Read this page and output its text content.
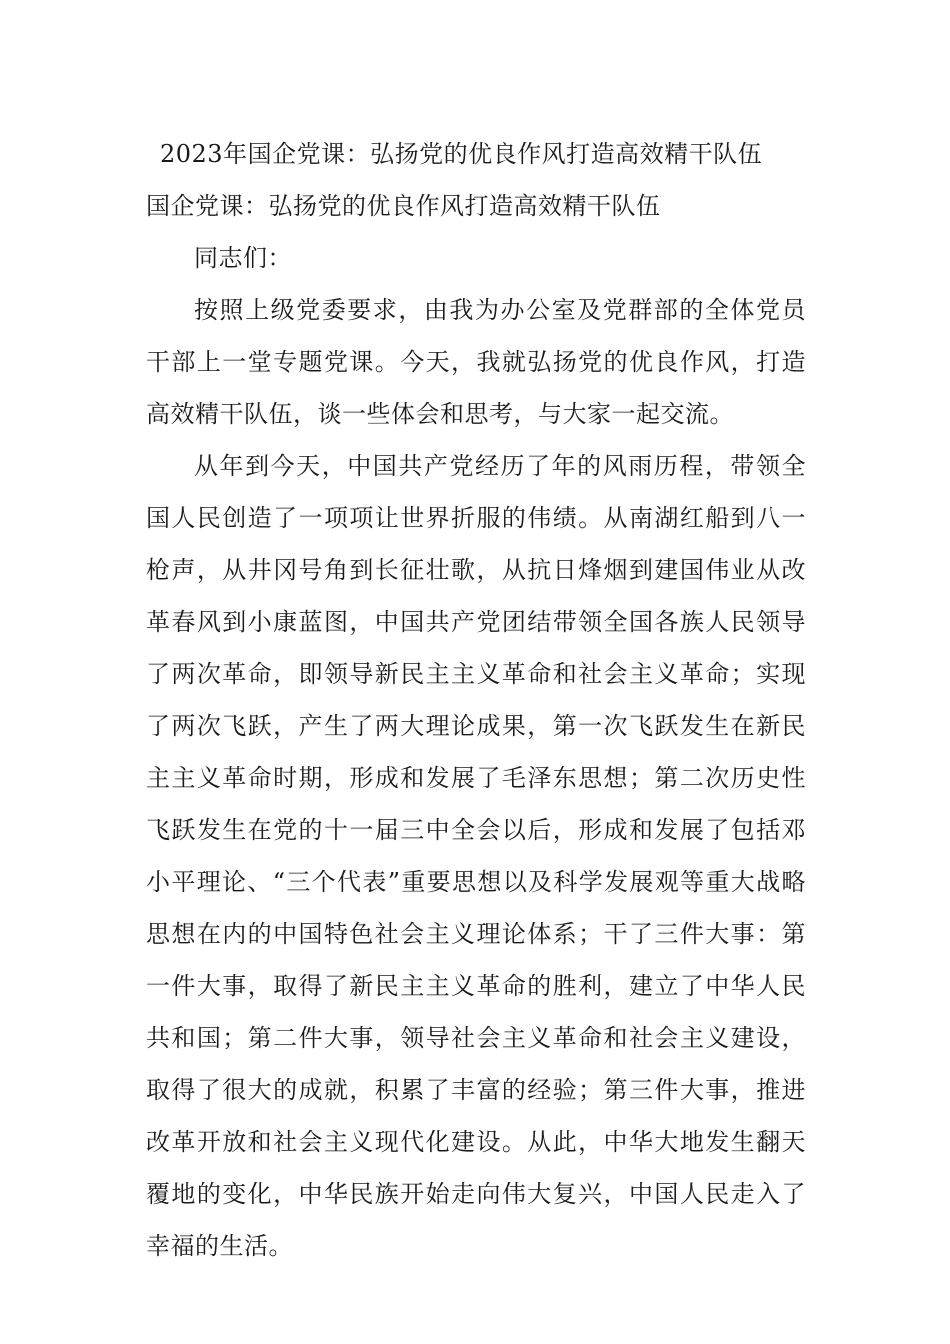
2023年国企党课：弘扬党的优良作风打造高效精干队伍

国企党课：弘扬党的优良作风打造高效精干队伍

同志们：

按照上级党委要求，由我为办公室及党群部的全体党员干部上一堂专题党课。今天，我就弘扬党的优良作风，打造高效精干队伍，谈一些体会和思考，与大家一起交流。

从年到今天，中国共产党经历了年的风雨历程，带领全国人民创造了一项项让世界折服的伟绩。从南湖红船到八一枪声，从井冈号角到长征壮歌，从抗日烽烟到建国伟业从改革春风到小康蓝图，中国共产党团结带领全国各族人民领导了两次革命，即领导新民主主义革命和社会主义革命；实现了两次飞跃，产生了两大理论成果，第一次飞跃发生在新民主主义革命时期，形成和发展了毛泽东思想；第二次历史性飞跃发生在党的十一届三中全会以后，形成和发展了包括邓小平理论、“三个代表”重要思想以及科学发展观等重大战略思想在内的中国特色社会主义理论体系；干了三件大事：第一件大事，取得了新民主主义革命的胜利，建立了中华人民共和国；第二件大事，领导社会主义革命和社会主义建设，取得了很大的成就，积累了丰富的经验；第三件大事，推进改革开放和社会主义现代化建设。从此，中华大地发生翻天覆地的变化，中华民族开始走向伟大复兴，中国人民走入了幸福的生活。
